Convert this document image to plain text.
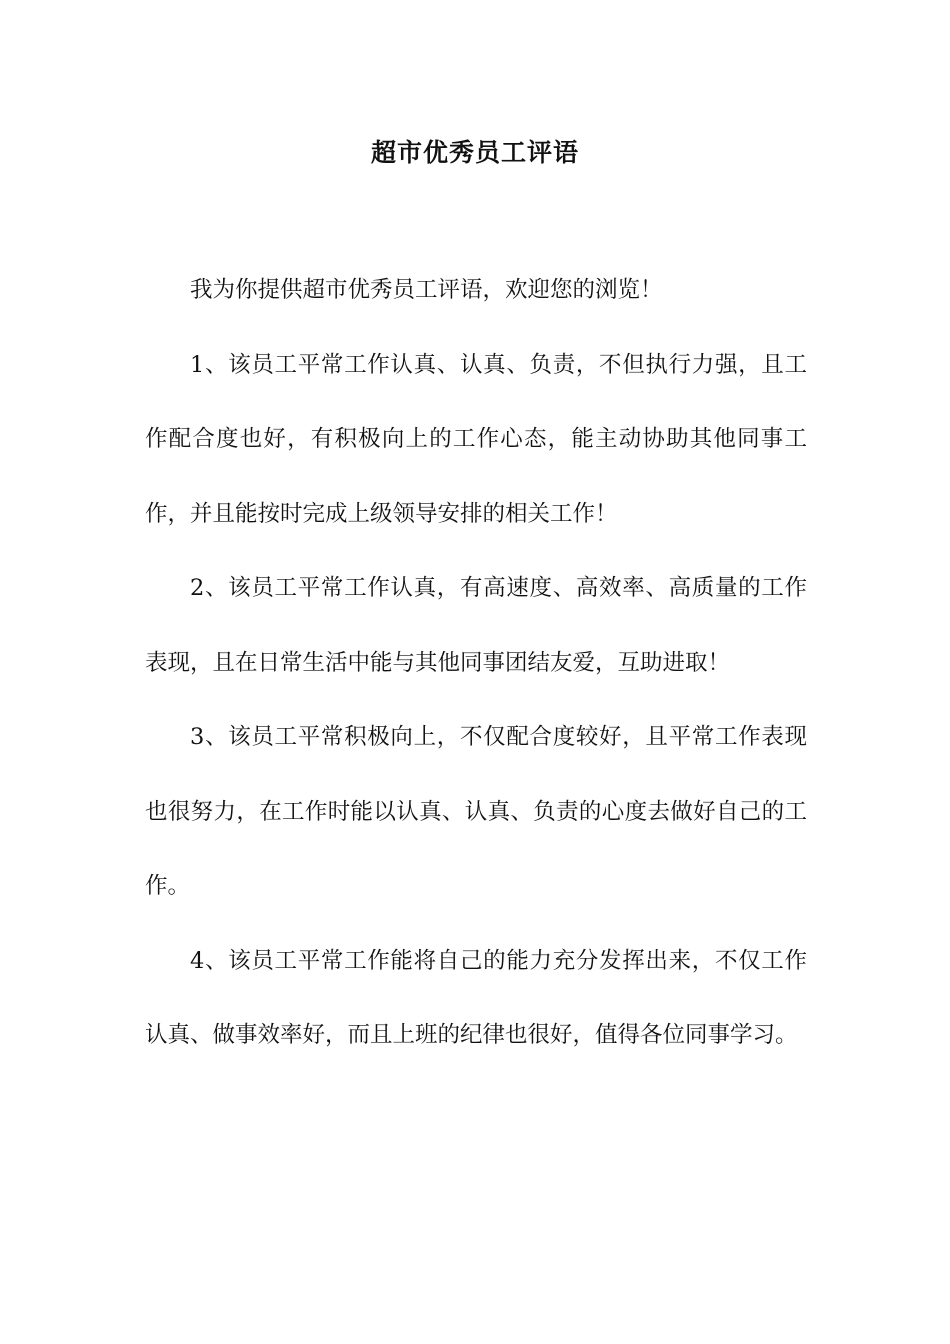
超市优秀员工评语

我为你提供超市优秀员工评语，欢迎您的浏览！

1、该员工平常工作认真、认真、负责，不但执行力强，且工作配合度也好，有积极向上的工作心态，能主动协助其他同事工作，并且能按时完成上级领导安排的相关工作！

2、该员工平常工作认真，有高速度、高效率、高质量的工作表现，且在日常生活中能与其他同事团结友爱，互助进取！

3、该员工平常积极向上，不仅配合度较好，且平常工作表现也很努力，在工作时能以认真、认真、负责的心度去做好自己的工作。

4、该员工平常工作能将自己的能力充分发挥出来，不仅工作认真、做事效率好，而且上班的纪律也很好，值得各位同事学习。
